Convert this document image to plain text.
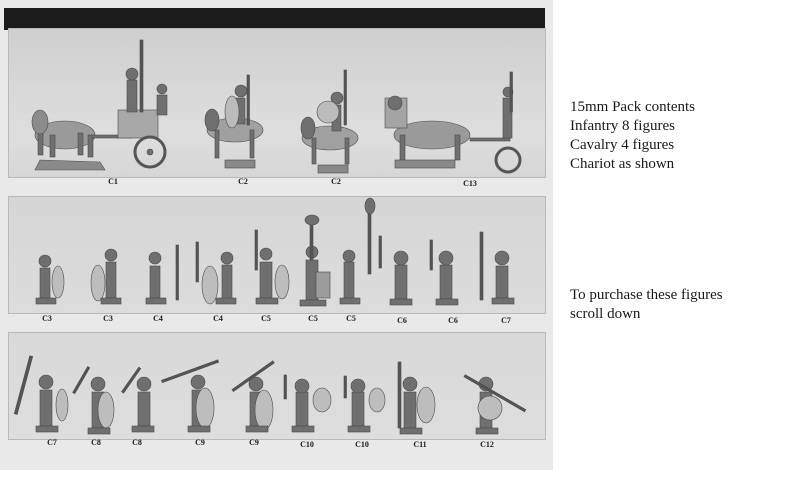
C1	C2	C2	C13
C3	C3	C4	C4	C5	C5	C5	C6	C6	C7
C7	C8	C8	C9	C9	C10	C10	C11	C12
15mm Pack contents
Infantry 8 figures
Cavalry 4 figures
Chariot as shown
To purchase these figures
scroll down
